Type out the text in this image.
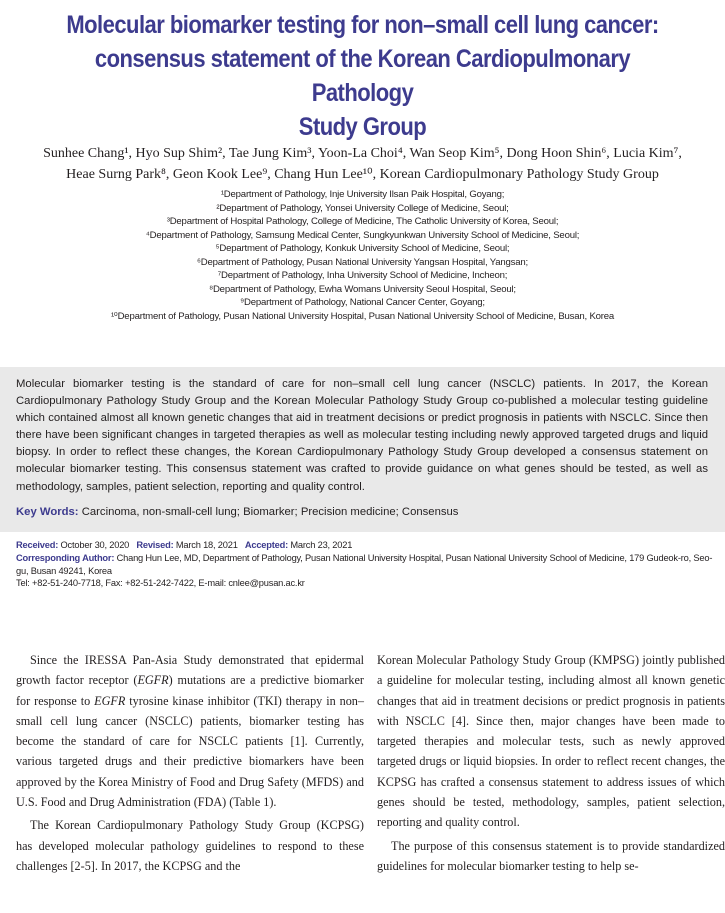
Molecular biomarker testing for non–small cell lung cancer:
consensus statement of the Korean Cardiopulmonary Pathology
Study Group
Sunhee Chang¹, Hyo Sup Shim², Tae Jung Kim³, Yoon-La Choi⁴, Wan Seop Kim⁵, Dong Hoon Shin⁶, Lucia Kim⁷,
Heae Surng Park⁸, Geon Kook Lee⁹, Chang Hun Lee¹⁰, Korean Cardiopulmonary Pathology Study Group
¹Department of Pathology, Inje University Ilsan Paik Hospital, Goyang;
²Department of Pathology, Yonsei University College of Medicine, Seoul;
³Department of Hospital Pathology, College of Medicine, The Catholic University of Korea, Seoul;
⁴Department of Pathology, Samsung Medical Center, Sungkyunkwan University School of Medicine, Seoul;
⁵Department of Pathology, Konkuk University School of Medicine, Seoul;
⁶Department of Pathology, Pusan National University Yangsan Hospital, Yangsan;
⁷Department of Pathology, Inha University School of Medicine, Incheon;
⁸Department of Pathology, Ewha Womans University Seoul Hospital, Seoul;
⁹Department of Pathology, National Cancer Center, Goyang;
¹⁰Department of Pathology, Pusan National University Hospital, Pusan National University School of Medicine, Busan, Korea
Molecular biomarker testing is the standard of care for non–small cell lung cancer (NSCLC) patients. In 2017, the Korean Cardiopulmonary Pathology Study Group and the Korean Molecular Pathology Study Group co-published a molecular testing guideline which contained almost all known genetic changes that aid in treatment decisions or predict prognosis in patients with NSCLC. Since then there have been significant changes in targeted therapies as well as molecular testing including newly approved targeted drugs and liquid biopsy. In order to reflect these changes, the Korean Cardiopulmonary Pathology Study Group developed a consensus statement on molecular biomarker testing. This consensus statement was crafted to provide guidance on what genes should be tested, as well as methodology, samples, patient selection, reporting and quality control.
Key Words: Carcinoma, non-small-cell lung; Biomarker; Precision medicine; Consensus
Received: October 30, 2020 Revised: March 18, 2021 Accepted: March 23, 2021
Corresponding Author: Chang Hun Lee, MD, Department of Pathology, Pusan National University Hospital, Pusan National University School of Medicine, 179 Gudeok-ro, Seo-gu, Busan 49241, Korea
Tel: +82-51-240-7718, Fax: +82-51-242-7422, E-mail: cnlee@pusan.ac.kr

Since the IRESSA Pan-Asia Study demonstrated that epidermal growth factor receptor (EGFR) mutations are a predictive biomarker for response to EGFR tyrosine kinase inhibitor (TKI) therapy in non–small cell lung cancer (NSCLC) patients, biomarker testing has become the standard of care for NSCLC patients [1]. Currently, various targeted drugs and their predictive biomarkers have been approved by the Korea Ministry of Food and Drug Safety (MFDS) and U.S. Food and Drug Administration (FDA) (Table 1).

The Korean Cardiopulmonary Pathology Study Group (KCPSG) has developed molecular pathology guidelines to respond to these challenges [2-5]. In 2017, the KCPSG and the

Korean Molecular Pathology Study Group (KMPSG) jointly published a guideline for molecular testing, including almost all known genetic changes that aid in treatment decisions or predict prognosis in patients with NSCLC [4]. Since then, major changes have been made to targeted therapies and molecular tests, such as newly approved targeted drugs or liquid biopsies. In order to reflect recent changes, the KCPSG has crafted a consensus statement to address issues of which genes should be tested, methodology, samples, patient selection, reporting and quality control.

The purpose of this consensus statement is to provide standardized guidelines for molecular biomarker testing to help se-
